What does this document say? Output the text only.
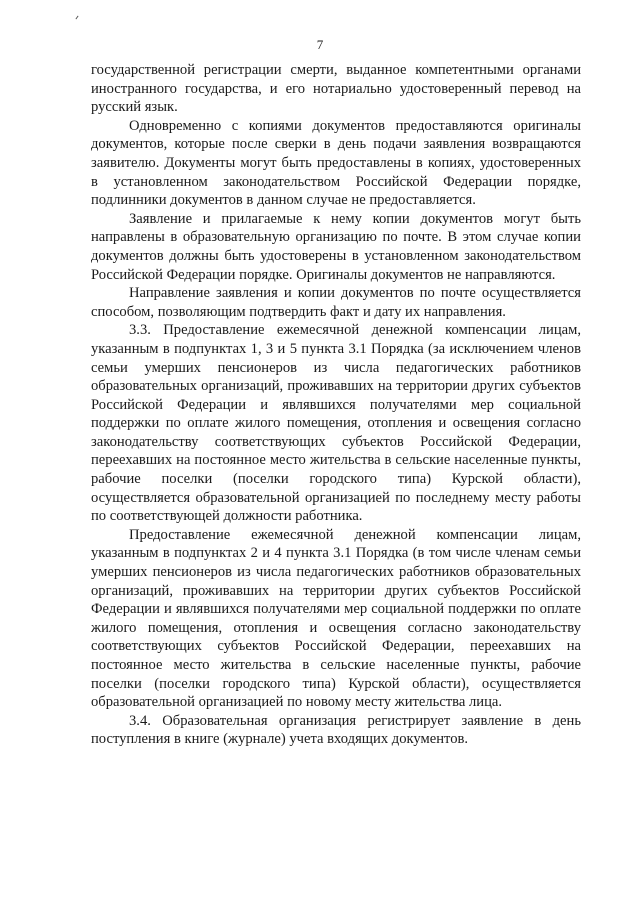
7

государственной регистрации смерти, выданное компетентными органами иностранного государства, и его нотариально удостоверенный перевод на русский язык.

Одновременно с копиями документов предоставляются оригиналы документов, которые после сверки в день подачи заявления возвращаются заявителю. Документы могут быть предоставлены в копиях, удостоверенных в установленном законодательством Российской Федерации порядке, подлинники документов в данном случае не предоставляется.

Заявление и прилагаемые к нему копии документов могут быть направлены в образовательную организацию по почте. В этом случае копии документов должны быть удостоверены в установленном законодательством Российской Федерации порядке. Оригиналы документов не направляются.

Направление заявления и копии документов по почте осуществляется способом, позволяющим подтвердить факт и дату их направления.

3.3. Предоставление ежемесячной денежной компенсации лицам, указанным в подпунктах 1, 3 и 5 пункта 3.1 Порядка (за исключением членов семьи умерших пенсионеров из числа педагогических работников образовательных организаций, проживавших на территории других субъектов Российской Федерации и являвшихся получателями мер социальной поддержки по оплате жилого помещения, отопления и освещения согласно законодательству соответствующих субъектов Российской Федерации, переехавших на постоянное место жительства в сельские населенные пункты, рабочие поселки (поселки городского типа) Курской области), осуществляется образовательной организацией по последнему месту работы по соответствующей должности работника.

Предоставление ежемесячной денежной компенсации лицам, указанным в подпунктах 2 и 4 пункта 3.1 Порядка (в том числе членам семьи умерших пенсионеров из числа педагогических работников образовательных организаций, проживавших на территории других субъектов Российской Федерации и являвшихся получателями мер социальной поддержки по оплате жилого помещения, отопления и освещения согласно законодательству соответствующих субъектов Российской Федерации, переехавших на постоянное место жительства в сельские населенные пункты, рабочие поселки (поселки городского типа) Курской области), осуществляется образовательной организацией по новому месту жительства лица.

3.4. Образовательная организация регистрирует заявление в день поступления в книге (журнале) учета входящих документов.
